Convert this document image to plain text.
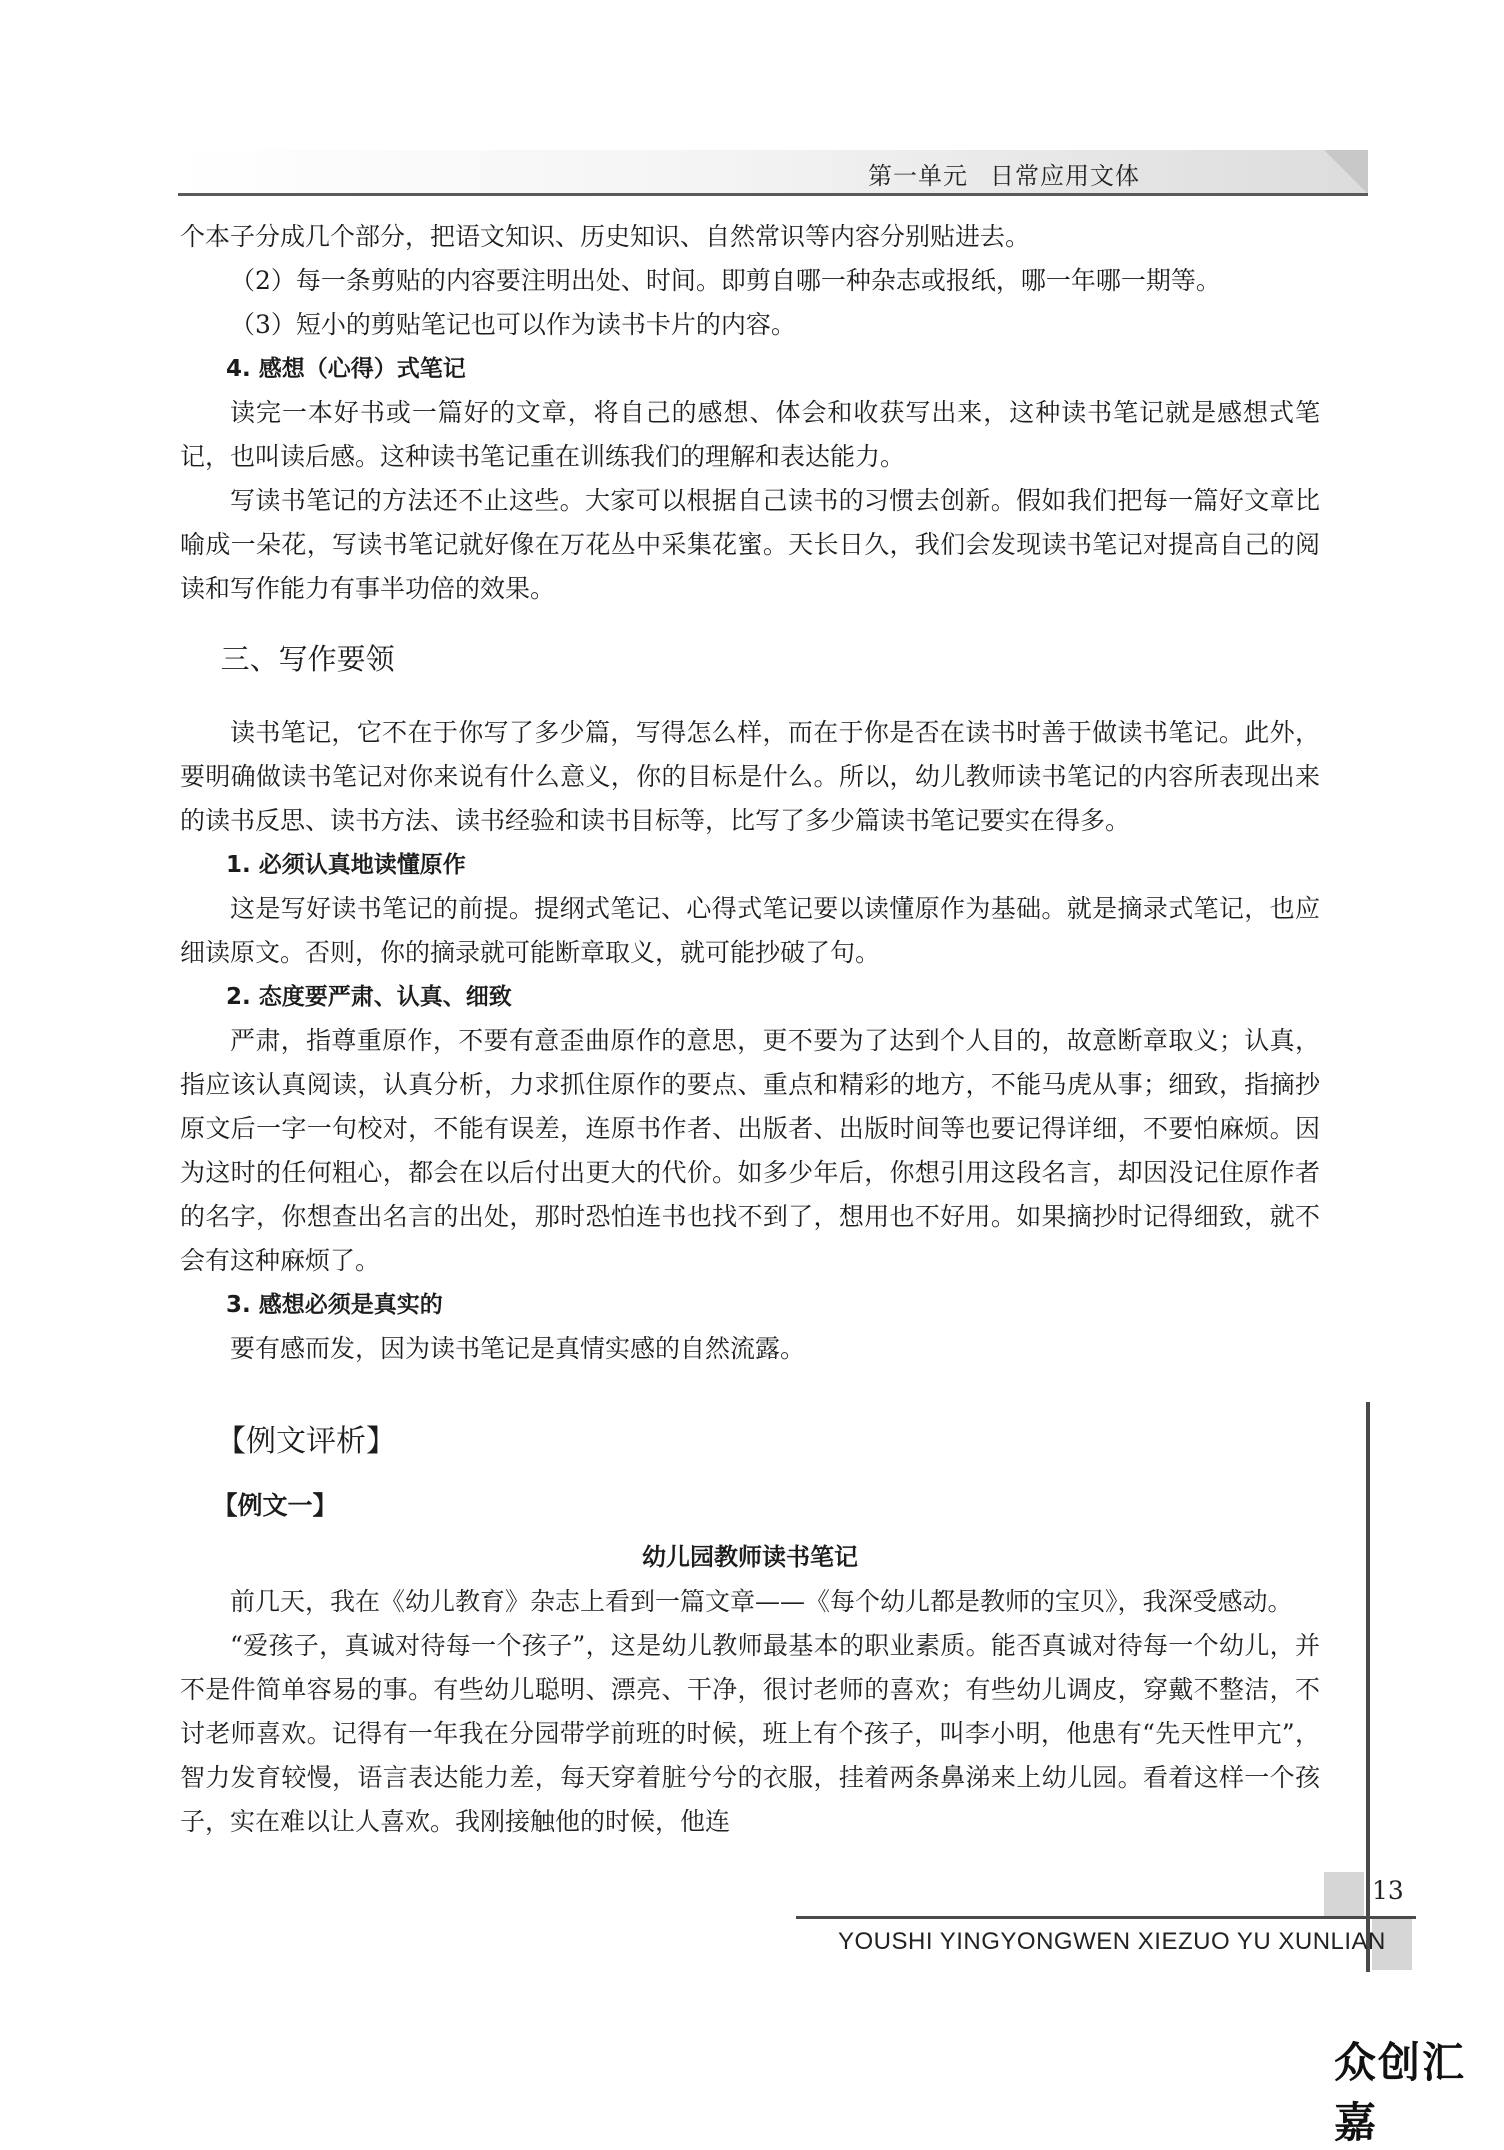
第一单元 日常应用文体

个本子分成几个部分，把语文知识、历史知识、自然常识等内容分别贴进去。

（2）每一条剪贴的内容要注明出处、时间。即剪自哪一种杂志或报纸，哪一年哪一期等。

（3）短小的剪贴笔记也可以作为读书卡片的内容。

4. 感想（心得）式笔记

读完一本好书或一篇好的文章，将自己的感想、体会和收获写出来，这种读书笔记就是感想式笔记，也叫读后感。这种读书笔记重在训练我们的理解和表达能力。

写读书笔记的方法还不止这些。大家可以根据自己读书的习惯去创新。假如我们把每一篇好文章比喻成一朵花，写读书笔记就好像在万花丛中采集花蜜。天长日久，我们会发现读书笔记对提高自己的阅读和写作能力有事半功倍的效果。

三、写作要领

读书笔记，它不在于你写了多少篇，写得怎么样，而在于你是否在读书时善于做读书笔记。此外，要明确做读书笔记对你来说有什么意义，你的目标是什么。所以，幼儿教师读书笔记的内容所表现出来的读书反思、读书方法、读书经验和读书目标等，比写了多少篇读书笔记要实在得多。

1. 必须认真地读懂原作

这是写好读书笔记的前提。提纲式笔记、心得式笔记要以读懂原作为基础。就是摘录式笔记，也应细读原文。否则，你的摘录就可能断章取义，就可能抄破了句。

2. 态度要严肃、认真、细致

严肃，指尊重原作，不要有意歪曲原作的意思，更不要为了达到个人目的，故意断章取义；认真，指应该认真阅读，认真分析，力求抓住原作的要点、重点和精彩的地方，不能马虎从事；细致，指摘抄原文后一字一句校对，不能有误差，连原书作者、出版者、出版时间等也要记得详细，不要怕麻烦。因为这时的任何粗心，都会在以后付出更大的代价。如多少年后，你想引用这段名言，却因没记住原作者的名字，你想查出名言的出处，那时恐怕连书也找不到了，想用也不好用。如果摘抄时记得细致，就不会有这种麻烦了。

3. 感想必须是真实的

要有感而发，因为读书笔记是真情实感的自然流露。

【例文评析】

【例文一】

幼儿园教师读书笔记

前几天，我在《幼儿教育》杂志上看到一篇文章——《每个幼儿都是教师的宝贝》，我深受感动。

“爱孩子，真诚对待每一个孩子”，这是幼儿教师最基本的职业素质。能否真诚对待每一个幼儿，并不是件简单容易的事。有些幼儿聪明、漂亮、干净，很讨老师的喜欢；有些幼儿调皮，穿戴不整洁，不讨老师喜欢。记得有一年我在分园带学前班的时候，班上有个孩子，叫李小明，他患有“先天性甲亢”，智力发育较慢，语言表达能力差，每天穿着脏兮兮的衣服，挂着两条鼻涕来上幼儿园。看着这样一个孩子，实在难以让人喜欢。我刚接触他的时候，他连

13
YOUSHI YINGYONGWEN XIEZUO YU XUNLIAN
众创汇嘉
